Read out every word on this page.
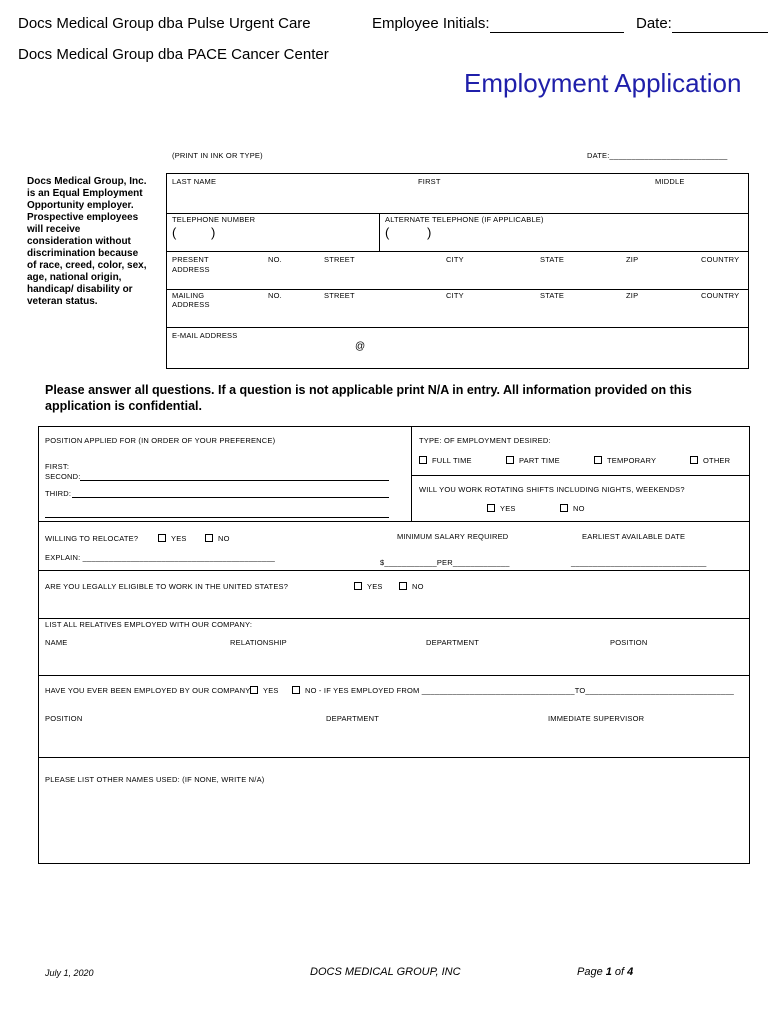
Docs Medical Group dba Pulse Urgent Care
Docs Medical Group dba PACE Cancer Center
Employee Initials:	Date:
Employment Application
Docs Medical Group, Inc. is an Equal Employment Opportunity employer. Prospective employees will receive consideration without discrimination because of race, creed, color, sex, age, national origin, handicap/ disability or veteran status.
(PRINT IN INK OR TYPE)	DATE:___________________________
LAST NAME	FIRST	MIDDLE
TELEPHONE NUMBER
(	)
ALTERNATE TELEPHONE (IF APPLICABLE)
(	)
PRESENT
ADDRESS
NO.	STREET	CITY	STATE	ZIP	COUNTRY
MAILING
ADDRESS
NO.	STREET	CITY	STATE	ZIP	COUNTRY
E-MAIL ADDRESS
@
Please answer all questions. If a question is not applicable print N/A in entry. All information provided on this application is confidential.
POSITION APPLIED FOR (IN ORDER OF YOUR PREFERENCE)
FIRST:
SECOND:
THIRD:
TYPE: OF EMPLOYMENT DESIRED:
FULL TIME	PART TIME	TEMPORARY	OTHER
WILL YOU WORK ROTATING SHIFTS INCLUDING NIGHTS, WEEKENDS?
YES	NO
WILLING TO RELOCATE?	YES	NO
EXPLAIN: ____________________________________________
MINIMUM SALARY REQUIRED
$____________PER_____________
EARLIEST AVAILABLE DATE
_______________________________
ARE YOU LEGALLY ELIGIBLE TO WORK IN THE UNITED STATES?	YES	NO
LIST ALL RELATIVES EMPLOYED WITH OUR COMPANY:
NAME	RELATIONSHIP	DEPARTMENT	POSITION
HAVE YOU EVER BEEN EMPLOYED BY OUR COMPANY	YES	NO - IF YES EMPLOYED FROM ___________________________________TO__________________________________
POSITION	DEPARTMENT	IMMEDIATE SUPERVISOR
PLEASE LIST OTHER NAMES USED: (IF NONE, WRITE N/A)
July 1, 2020	DOCS MEDICAL GROUP, INC	Page 1 of 4
